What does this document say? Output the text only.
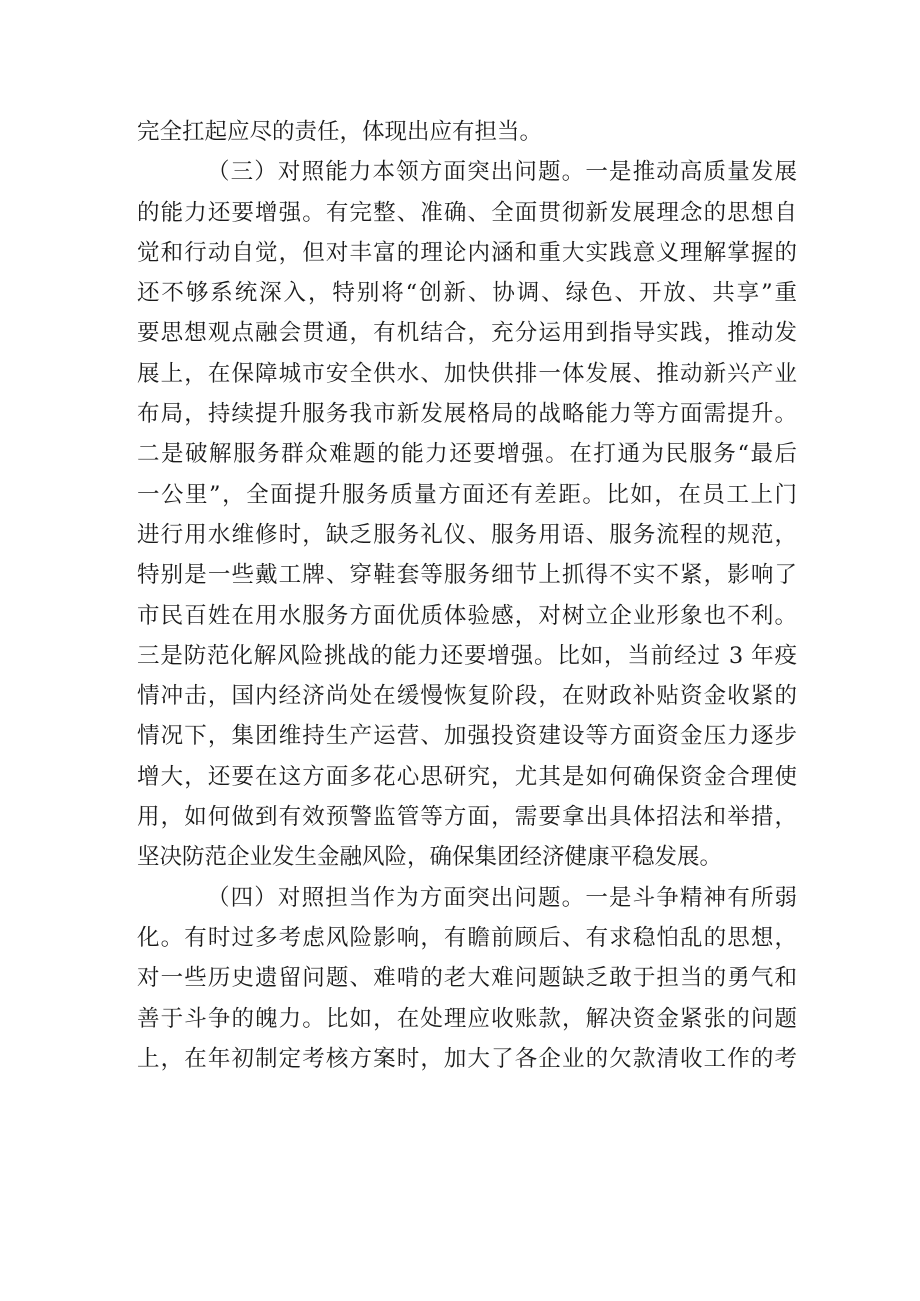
完全扛起应尽的责任，体现出应有担当。
（三）对照能力本领方面突出问题。一是推动高质量发展
的能力还要增强。有完整、准确、全面贯彻新发展理念的思想自
觉和行动自觉，但对丰富的理论内涵和重大实践意义理解掌握的
还不够系统深入，特别将“创新、协调、绿色、开放、共享”重
要思想观点融会贯通，有机结合，充分运用到指导实践，推动发
展上，在保障城市安全供水、加快供排一体发展、推动新兴产业
布局，持续提升服务我市新发展格局的战略能力等方面需提升。
二是破解服务群众难题的能力还要增强。在打通为民服务“最后
一公里”，全面提升服务质量方面还有差距。比如，在员工上门
进行用水维修时，缺乏服务礼仪、服务用语、服务流程的规范，
特别是一些戴工牌、穿鞋套等服务细节上抓得不实不紧，影响了
市民百姓在用水服务方面优质体验感，对树立企业形象也不利。
三是防范化解风险挑战的能力还要增强。比如，当前经过 3 年疫
情冲击，国内经济尚处在缓慢恢复阶段，在财政补贴资金收紧的
情况下，集团维持生产运营、加强投资建设等方面资金压力逐步
增大，还要在这方面多花心思研究，尤其是如何确保资金合理使
用，如何做到有效预警监管等方面，需要拿出具体招法和举措，
坚决防范企业发生金融风险，确保集团经济健康平稳发展。
（四）对照担当作为方面突出问题。一是斗争精神有所弱
化。有时过多考虑风险影响，有瞻前顾后、有求稳怕乱的思想，
对一些历史遗留问题、难啃的老大难问题缺乏敢于担当的勇气和
善于斗争的魄力。比如，在处理应收账款，解决资金紧张的问题
上，在年初制定考核方案时，加大了各企业的欠款清收工作的考
